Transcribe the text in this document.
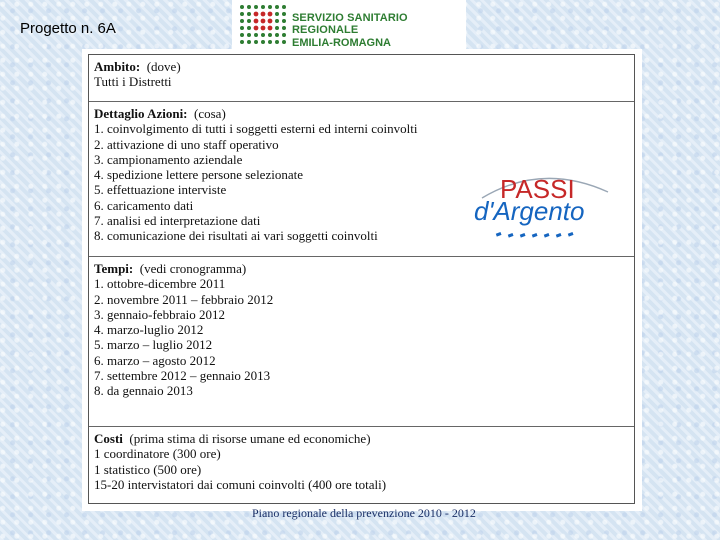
Progetto n. 6A
SERVIZIO SANITARIO REGIONALE
EMILIA-ROMAGNA
Ambito: (dove)
Tutti i Distretti
Dettaglio Azioni: (cosa)
1. coinvolgimento di tutti i soggetti esterni ed interni coinvolti
2. attivazione di uno staff operativo
3. campionamento aziendale
4. spedizione lettere persone selezionate
5. effettuazione interviste
6. caricamento dati
7. analisi ed interpretazione dati
8. comunicazione dei risultati ai vari soggetti coinvolti
Tempi: (vedi cronogramma)
1. ottobre-dicembre 2011
2. novembre 2011 – febbraio 2012
3. gennaio-febbraio 2012
4. marzo-luglio 2012
5. marzo – luglio 2012
6. marzo – agosto 2012
7. settembre 2012 – gennaio 2013
8. da gennaio 2013
Costi (prima stima di risorse umane ed economiche)
1 coordinatore (300 ore)
1 statistico (500 ore)
15-20 intervistatori dai comuni coinvolti (400 ore totali)
PASSI
d'Argento
Piano regionale della prevenzione 2010 - 2012
